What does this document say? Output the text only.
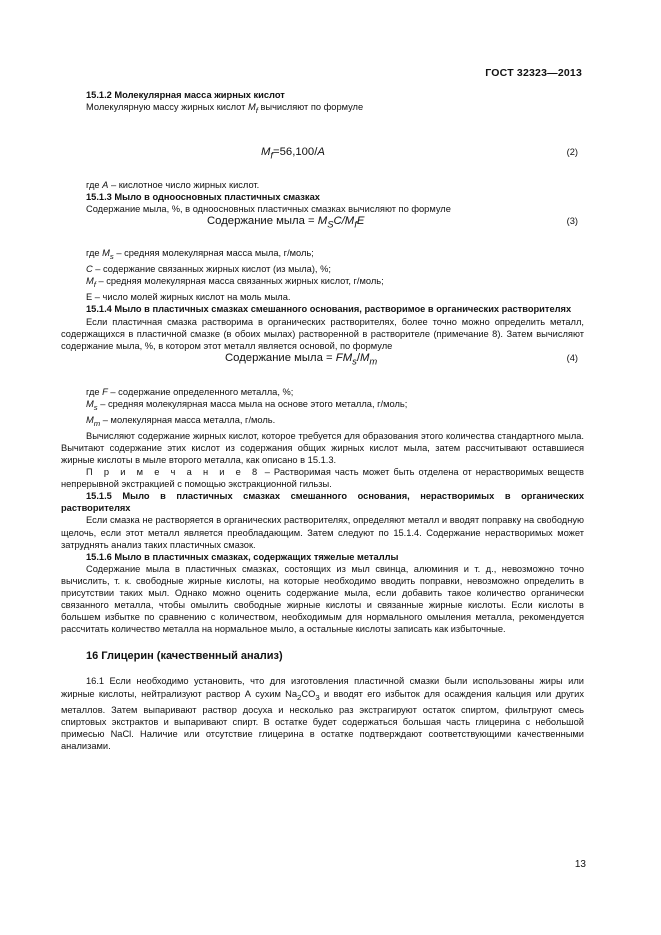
ГОСТ 32323—2013

15.1.2 Молекулярная масса жирных кислот

Молекулярную массу жирных кислот $M_f$ вычисляют по формуле

$M_f=56,100/A$	(2)

где A – кислотное число жирных кислот.

15.1.3 Мыло в одноосновных пластичных смазках

Содержание мыла, %, в одноосновных пластичных смазках вычисляют по формуле

Содержание мыла = $M_SC/M_fE$	(3)

где $M_s$ – средняя молекулярная масса мыла, г/моль;

C – содержание связанных жирных кислот (из мыла), %;

$M_f$ – средняя молекулярная масса связанных жирных кислот, г/моль;

E – число молей жирных кислот на моль мыла.

15.1.4 Мыло в пластичных смазках смешанного основания, растворимое в органических растворителях

Если пластичная смазка растворима в органических растворителях, более точно можно определить металл, содержащихся в пластичной смазке (в обоих мылах) растворенной в растворителе (примечание 8). Затем вычисляют содержание мыла, %, в котором этот металл является основой, по формуле

Содержание мыла = $FM_s/M_m$	(4)

где F – содержание определенного металла, %;

$M_s$ – средняя молекулярная масса мыла на основе этого металла, г/моль;

$M_m$ – молекулярная масса металла, г/моль.

Вычисляют содержание жирных кислот, которое требуется для образования этого количества стандартного мыла. Вычитают содержание этих кислот из содержания общих жирных кислот мыла, затем рассчитывают оставшиеся жирные кислоты в мыле второго металла, как описано в 15.1.3.

П р и м е ч а н и е 8 – Растворимая часть может быть отделена от нерастворимых веществ непрерывной экстракцией с помощью экстракционной гильзы.

15.1.5 Мыло в пластичных смазках смешанного основания, нерастворимых в органических растворителях

Если смазка не растворяется в органических растворителях, определяют металл и вводят поправку на свободную щелочь, если этот металл является преобладающим. Затем следуют по 15.1.4. Содержание нерастворимых может затруднять анализ таких пластичных смазок.

15.1.6 Мыло в пластичных смазках, содержащих тяжелые металлы

Содержание мыла в пластичных смазках, состоящих из мыл свинца, алюминия и т. д., невозможно точно вычислить, т. к. свободные жирные кислоты, на которые необходимо вводить поправки, невозможно определить в присутствии таких мыл. Однако можно оценить содержание мыла, если добавить такое количество органически связанного металла, чтобы омылить свободные жирные кислоты и связанные жирные кислоты. Если кислоты в большем избытке по сравнению с количеством, необходимым для нормального омыления металла, рекомендуется рассчитать количество металла на нормальное мыло, а остальные кислоты записать как избыточные.

16 Глицерин (качественный анализ)

16.1 Если необходимо установить, что для изготовления пластичной смазки были использованы жиры или жирные кислоты, нейтрализуют раствор А сухим $Na_2CO_3$ и вводят его избыток для осаждения кальция или других металлов. Затем выпаривают раствор досуха и несколько раз экстрагируют остаток спиртом, фильтруют смесь спиртовых экстрактов и выпаривают спирт. В остатке будет содержаться большая часть глицерина с небольшой примесью NaCl. Наличие или отсутствие глицерина в остатке подтверждают соответствующими качественными анализами.

13
